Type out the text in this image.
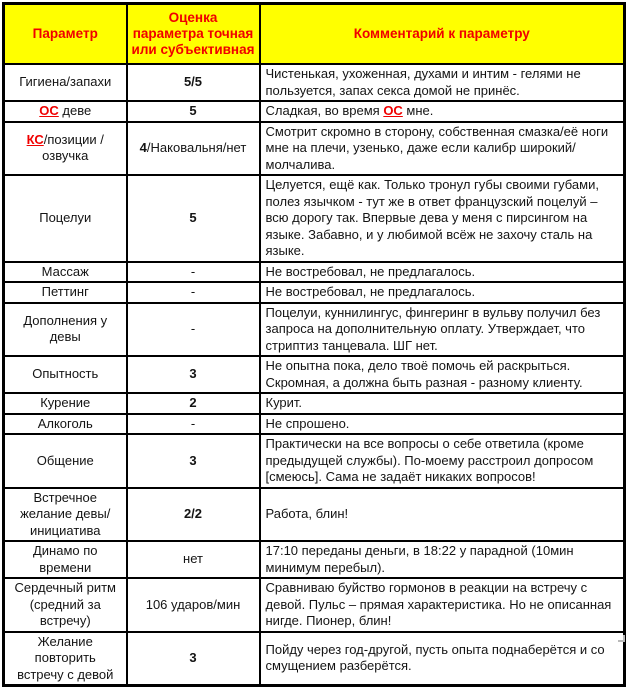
Параметр	Оценка параметра точная или субъективная	Комментарий к параметру
Гигиена/запахи	5/5	Чистенькая, ухоженная, духами и интим - гелями не пользуется, запах секса домой не принёс.
ОС деве	5	Сладкая, во время ОС мне.
КС/позиции /озвучка	4/Наковальня/нет	Смотрит скромно в сторону, собственная смазка/её ноги мне на плечи, узенько, даже если калибр широкий/ молчалива.
Поцелуи	5	Целуется, ещё как. Только тронул губы своими губами, полез язычком - тут же в ответ французский поцелуй – всю дорогу так. Впервые дева у меня с пирсингом на языке. Забавно, и у любимой всёж не захочу сталь на языке.
Массаж	-	Не востребовал, не предлагалось.
Петтинг	-	Не востребовал, не предлагалось.
Дополнения у девы	-	Поцелуи, куннилингус, фингеринг в вульву получил без запроса на дополнительную оплату. Утверждает, что стриптиз танцевала. ШГ нет.
Опытность	3	Не опытна пока, дело твоё помочь ей раскрыться. Скромная, а должна быть разная - разному клиенту.
Курение	2	Курит.
Алкоголь	-	Не спрошено.
Общение	3	Практически на все вопросы о себе ответила (кроме предыдущей службы). По-моему расстроил допросом [смеюсь]. Сама не задаёт никаких вопросов!
Встречное желание девы/ инициатива	2/2	Работа, блин!
Динамо по времени	нет	17:10 переданы деньги, в 18:22 у парадной (10мин минимум перебыл).
Сердечный ритм (средний за встречу)	106 ударов/мин	Сравниваю буйство гормонов в реакции на встречу с девой. Пульс – прямая характеристика. Но не описанная нигде. Пионер, блин!
Желание повторить встречу с девой	3	Пойду через год-другой, пусть опыта поднаберётся и со смущением разберётся.
